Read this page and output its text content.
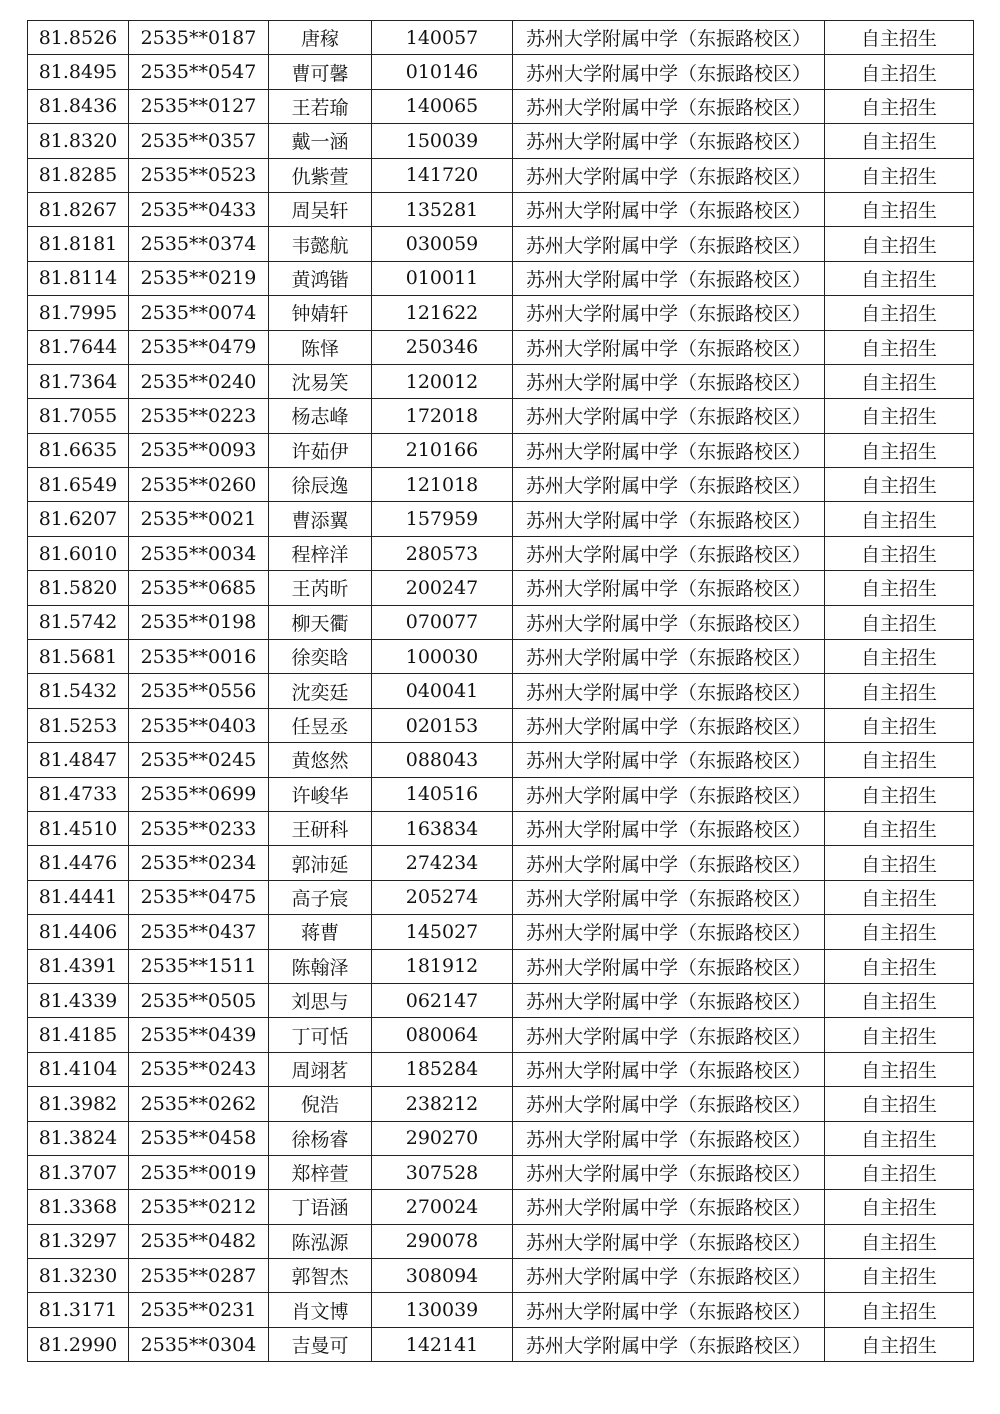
81.8526	2535**0187	唐稼	140057	苏州大学附属中学（东振路校区）	自主招生
81.8495	2535**0547	曹可馨	010146	苏州大学附属中学（东振路校区）	自主招生
81.8436	2535**0127	王若瑜	140065	苏州大学附属中学（东振路校区）	自主招生
81.8320	2535**0357	戴一涵	150039	苏州大学附属中学（东振路校区）	自主招生
81.8285	2535**0523	仇紫萱	141720	苏州大学附属中学（东振路校区）	自主招生
81.8267	2535**0433	周吴轩	135281	苏州大学附属中学（东振路校区）	自主招生
81.8181	2535**0374	韦懿航	030059	苏州大学附属中学（东振路校区）	自主招生
81.8114	2535**0219	黄鸿锴	010011	苏州大学附属中学（东振路校区）	自主招生
81.7995	2535**0074	钟婧轩	121622	苏州大学附属中学（东振路校区）	自主招生
81.7644	2535**0479	陈怿	250346	苏州大学附属中学（东振路校区）	自主招生
81.7364	2535**0240	沈易笑	120012	苏州大学附属中学（东振路校区）	自主招生
81.7055	2535**0223	杨志峰	172018	苏州大学附属中学（东振路校区）	自主招生
81.6635	2535**0093	许茹伊	210166	苏州大学附属中学（东振路校区）	自主招生
81.6549	2535**0260	徐辰逸	121018	苏州大学附属中学（东振路校区）	自主招生
81.6207	2535**0021	曹添翼	157959	苏州大学附属中学（东振路校区）	自主招生
81.6010	2535**0034	程梓洋	280573	苏州大学附属中学（东振路校区）	自主招生
81.5820	2535**0685	王芮昕	200247	苏州大学附属中学（东振路校区）	自主招生
81.5742	2535**0198	柳天衢	070077	苏州大学附属中学（东振路校区）	自主招生
81.5681	2535**0016	徐奕晗	100030	苏州大学附属中学（东振路校区）	自主招生
81.5432	2535**0556	沈奕廷	040041	苏州大学附属中学（东振路校区）	自主招生
81.5253	2535**0403	任昱丞	020153	苏州大学附属中学（东振路校区）	自主招生
81.4847	2535**0245	黄悠然	088043	苏州大学附属中学（东振路校区）	自主招生
81.4733	2535**0699	许峻华	140516	苏州大学附属中学（东振路校区）	自主招生
81.4510	2535**0233	王研科	163834	苏州大学附属中学（东振路校区）	自主招生
81.4476	2535**0234	郭沛延	274234	苏州大学附属中学（东振路校区）	自主招生
81.4441	2535**0475	高子宸	205274	苏州大学附属中学（东振路校区）	自主招生
81.4406	2535**0437	蒋曹	145027	苏州大学附属中学（东振路校区）	自主招生
81.4391	2535**1511	陈翰泽	181912	苏州大学附属中学（东振路校区）	自主招生
81.4339	2535**0505	刘思与	062147	苏州大学附属中学（东振路校区）	自主招生
81.4185	2535**0439	丁可恬	080064	苏州大学附属中学（东振路校区）	自主招生
81.4104	2535**0243	周翊茗	185284	苏州大学附属中学（东振路校区）	自主招生
81.3982	2535**0262	倪浩	238212	苏州大学附属中学（东振路校区）	自主招生
81.3824	2535**0458	徐杨睿	290270	苏州大学附属中学（东振路校区）	自主招生
81.3707	2535**0019	郑梓萱	307528	苏州大学附属中学（东振路校区）	自主招生
81.3368	2535**0212	丁语涵	270024	苏州大学附属中学（东振路校区）	自主招生
81.3297	2535**0482	陈泓源	290078	苏州大学附属中学（东振路校区）	自主招生
81.3230	2535**0287	郭智杰	308094	苏州大学附属中学（东振路校区）	自主招生
81.3171	2535**0231	肖文博	130039	苏州大学附属中学（东振路校区）	自主招生
81.2990	2535**0304	吉曼可	142141	苏州大学附属中学（东振路校区）	自主招生
